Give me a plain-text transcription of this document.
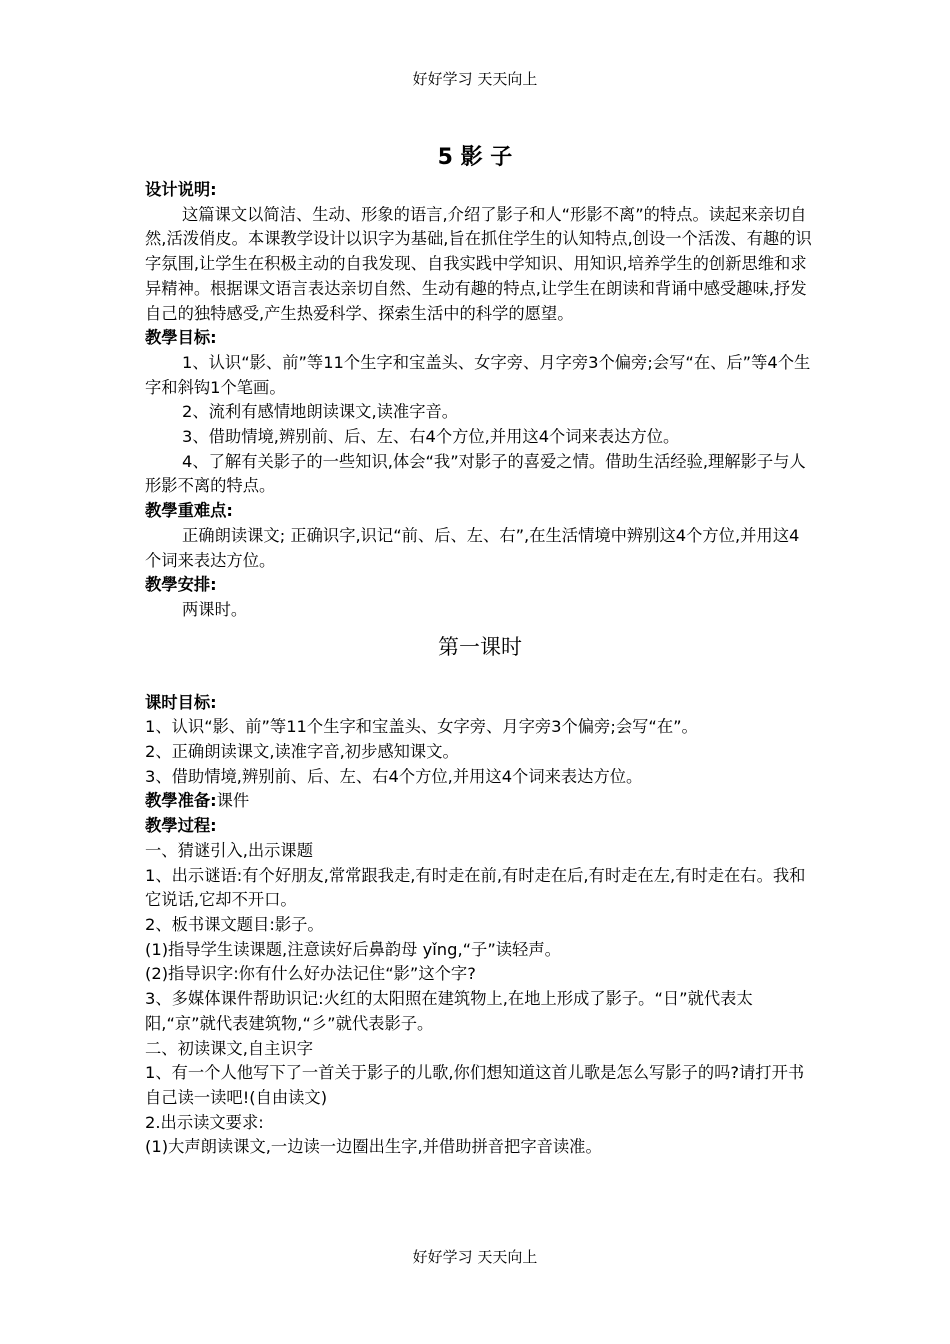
好好学习 天天向上
5 影 子

设计说明:

这篇课文以简洁、生动、形象的语言,介绍了影子和人“形影不离”的特点。读起来亲切自然,活泼俏皮。本课教学设计以识字为基础,旨在抓住学生的认知特点,创设一个活泼、有趣的识字氛围,让学生在积极主动的自我发现、自我实践中学知识、用知识,培养学生的创新思维和求异精神。根据课文语言表达亲切自然、生动有趣的特点,让学生在朗读和背诵中感受趣味,抒发自己的独特感受,产生热爱科学、探索生活中的科学的愿望。

教學目标:

1、认识“影、前”等11个生字和宝盖头、女字旁、月字旁3个偏旁;会写“在、后”等4个生字和斜钩1个笔画。

2、流利有感情地朗读课文,读准字音。

3、借助情境,辨别前、后、左、右4个方位,并用这4个词来表达方位。

4、了解有关影子的一些知识,体会“我”对影子的喜爱之情。借助生活经验,理解影子与人形影不离的特点。

教學重难点:

正确朗读课文; 正确识字,识记“前、后、左、右”,在生活情境中辨别这4个方位,并用这4个词来表达方位。

教學安排:

两课时。

第一课时

课时目标:

1、认识“影、前”等11个生字和宝盖头、女字旁、月字旁3个偏旁;会写“在”。

2、正确朗读课文,读准字音,初步感知课文。

3、借助情境,辨别前、后、左、右4个方位,并用这4个词来表达方位。

教學准备:课件

教學过程:

一、猜谜引入,出示课题

1、出示谜语:有个好朋友,常常跟我走,有时走在前,有时走在后,有时走在左,有时走在右。我和它说话,它却不开口。

2、板书课文题目:影子。

(1)指导学生读课题,注意读好后鼻韵母 yǐng,“子”读轻声。

(2)指导识字:你有什么好办法记住“影”这个字?

3、多媒体课件帮助识记:火红的太阳照在建筑物上,在地上形成了影子。“日”就代表太阳,“京”就代表建筑物,“彡”就代表影子。

二、初读课文,自主识字

1、有一个人他写下了一首关于影子的儿歌,你们想知道这首儿歌是怎么写影子的吗?请打开书自己读一读吧!(自由读文)

2.出示读文要求:

(1)大声朗读课文,一边读一边圈出生字,并借助拼音把字音读准。

好好学习 天天向上
